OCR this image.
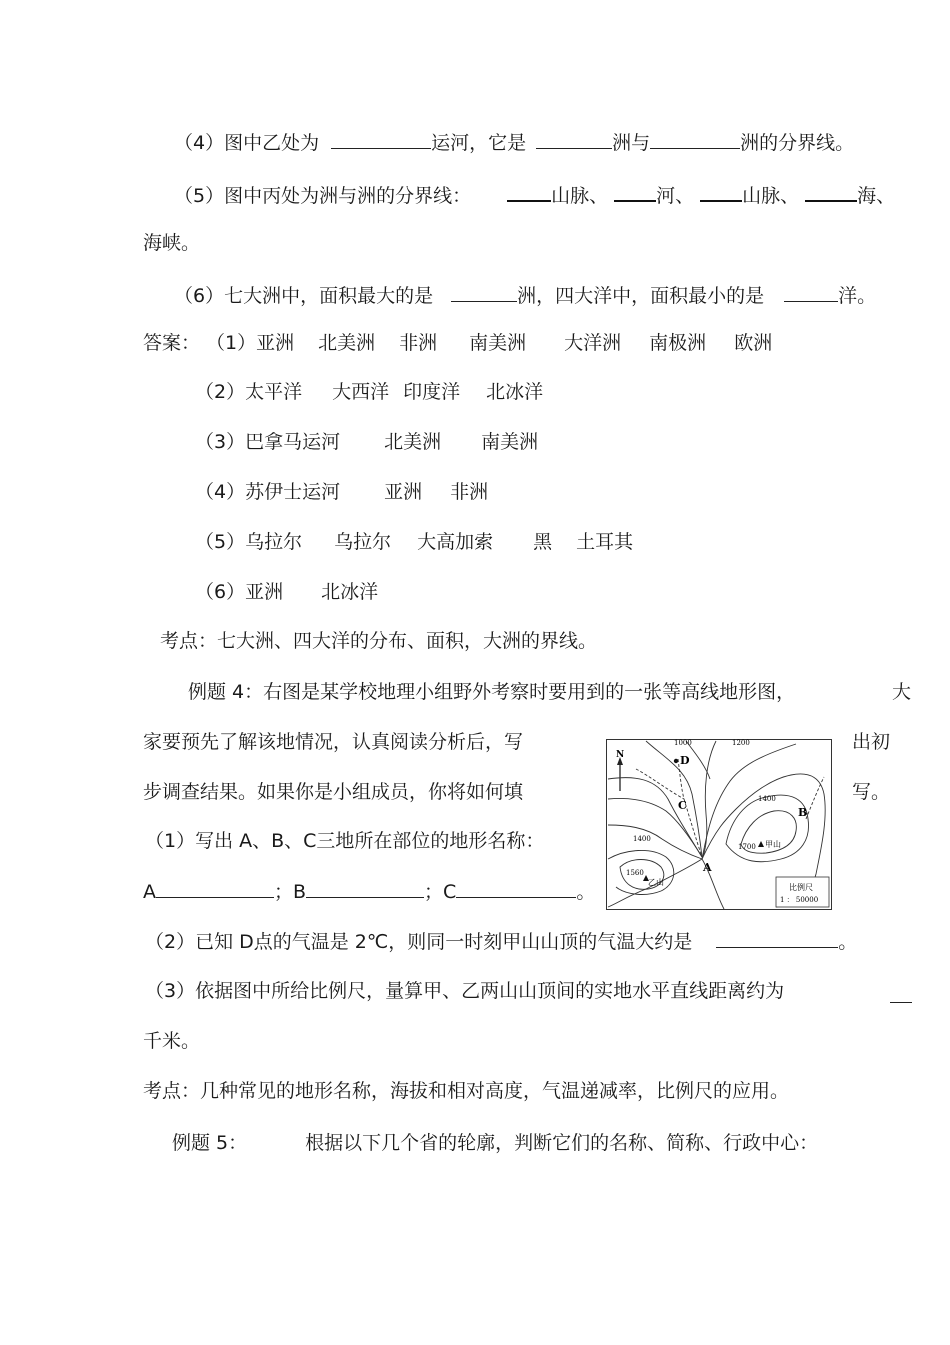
（4）图中乙处为	运河，它是	洲与	洲的分界线。
（5）图中丙处为洲与洲的分界线：	山脉、	河、	山脉、	海、
海峡。
（6）七大洲中，面积最大的是	洲，四大洋中，面积最小的是	洋。
答案： （1）亚洲 北美洲 非洲 南美洲 大洋洲 南极洲 欧洲
（2）太平洋 大西洋 印度洋 北冰洋
（3）巴拿马运河 北美洲 南美洲
（4）苏伊士运河 亚洲 非洲
（5）乌拉尔 乌拉尔 大高加索 黑 土耳其
（6）亚洲 北冰洋
考点：七大洲、四大洋的分布、面积，大洲的界线。
例题 4：右图是某学校地理小组野外考察时要用到的一张等高线地形图，	大
家要预先了解该地情况，认真阅读分析后，写	出初
步调查结果。如果你是小组成员，你将如何填	写。
（1）写出 A、B、C三地所在部位的地形名称：
A	；B	；C	。
（2）已知 D点的气温是 2℃，则同一时刻甲山山顶的气温大约是	。
（3）依据图中所给比例尺，量算甲、乙两山山顶间的实地水平直线距离约为
千米。
考点：几种常见的地形名称，海拔和相对高度，气温递减率，比例尺的应用。
例题 5：	根据以下几个省的轮廓，判断它们的名称、简称、行政中心：
N
1000	1200
1400
1400
D
B
C
A
1700 甲山
1560
乙山
比例尺
1 ： 50000
